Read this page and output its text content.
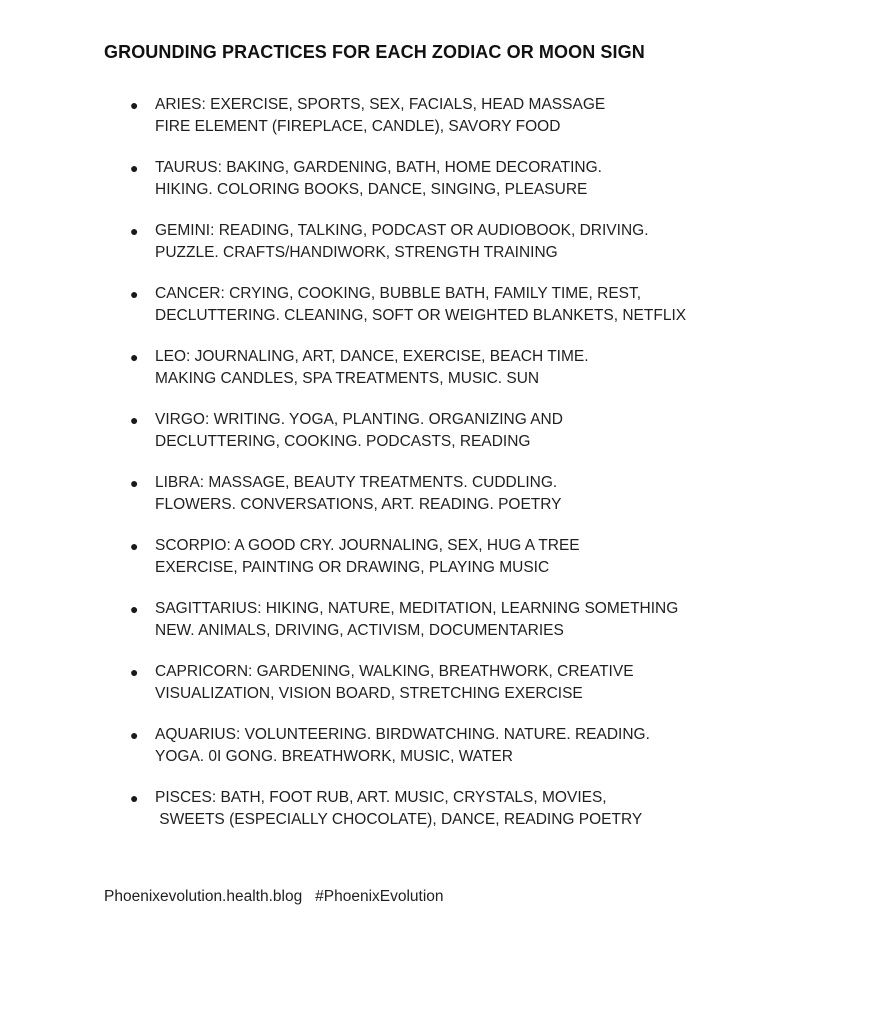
GROUNDING PRACTICES FOR EACH ZODIAC OR MOON SIGN
● ARIES: EXERCISE, SPORTS, SEX, FACIALS, HEAD MASSAGE
FIRE ELEMENT (FIREPLACE, CANDLE), SAVORY FOOD
● TAURUS: BAKING, GARDENING, BATH, HOME DECORATING.
HIKING. COLORING BOOKS, DANCE, SINGING, PLEASURE
● GEMINI: READING, TALKING, PODCAST OR AUDIOBOOK, DRIVING.
PUZZLE. CRAFTS/HANDIWORK, STRENGTH TRAINING
● CANCER: CRYING, COOKING, BUBBLE BATH, FAMILY TIME, REST,
DECLUTTERING. CLEANING, SOFT OR WEIGHTED BLANKETS, NETFLIX
● LEO: JOURNALING, ART, DANCE, EXERCISE, BEACH TIME.
MAKING CANDLES, SPA TREATMENTS, MUSIC. SUN
● VIRGO: WRITING. YOGA, PLANTING. ORGANIZING AND
DECLUTTERING, COOKING. PODCASTS, READING
● LIBRA: MASSAGE, BEAUTY TREATMENTS. CUDDLING.
FLOWERS. CONVERSATIONS, ART. READING. POETRY
● SCORPIO: A GOOD CRY. JOURNALING, SEX, HUG A TREE
EXERCISE, PAINTING OR DRAWING, PLAYING MUSIC
● SAGITTARIUS: HIKING, NATURE, MEDITATION, LEARNING SOMETHING
NEW. ANIMALS, DRIVING, ACTIVISM, DOCUMENTARIES
● CAPRICORN: GARDENING, WALKING, BREATHWORK, CREATIVE
VISUALIZATION, VISION BOARD, STRETCHING EXERCISE
● AQUARIUS: VOLUNTEERING. BIRDWATCHING. NATURE. READING.
YOGA. 0I GONG. BREATHWORK, MUSIC, WATER
● PISCES: BATH, FOOT RUB, ART. MUSIC, CRYSTALS, MOVIES,
SWEETS (ESPECIALLY CHOCOLATE), DANCE, READING POETRY
Phoenixevolution.health.blog   #PhoenixEvolution
